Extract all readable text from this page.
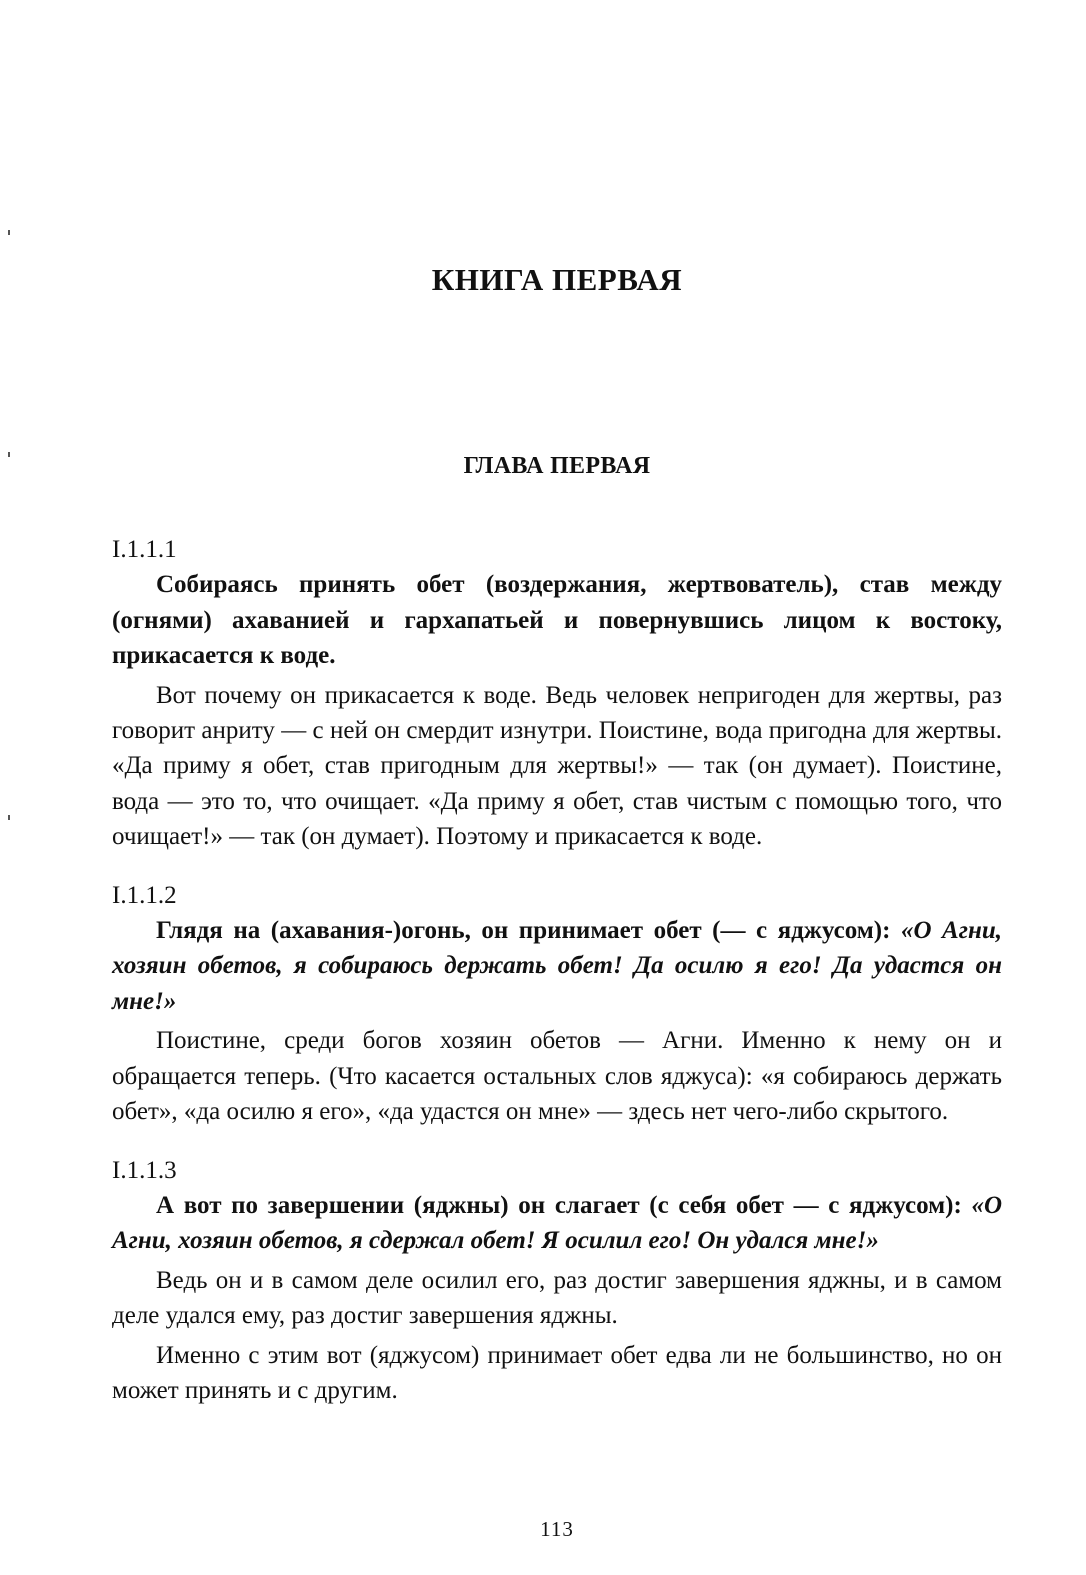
КНИГА ПЕРВАЯ
ГЛАВА ПЕРВАЯ

I.1.1.1

Собираясь принять обет (воздержания, жертвователь), став между (огнями) ахаванией и гархапатьей и повернувшись лицом к востоку, прикасается к воде.

Вот почему он прикасается к воде. Ведь человек непригоден для жертвы, раз говорит анриту — с ней он смердит изнутри. Поистине, вода пригодна для жертвы. «Да приму я обет, став пригодным для жертвы!» — так (он думает). Поистине, вода — это то, что очищает. «Да приму я обет, став чистым с помощью того, что очищает!» — так (он думает). Поэтому и прикасается к воде.

I.1.1.2

Глядя на (ахавания-)огонь, он принимает обет (— с яджусом): «О Агни, хозяин обетов, я собираюсь держать обет! Да осилю я его! Да удастся он мне!»

Поистине, среди богов хозяин обетов — Агни. Именно к нему он и обращается теперь. (Что касается остальных слов яджуса): «я собираюсь держать обет», «да осилю я его», «да удастся он мне» — здесь нет чего-либо скрытого.

I.1.1.3

А вот по завершении (яджны) он слагает (с себя обет — с яджусом): «О Агни, хозяин обетов, я сдержал обет! Я осилил его! Он удался мне!»

Ведь он и в самом деле осилил его, раз достиг завершения яджны, и в самом деле удался ему, раз достиг завершения яджны.

Именно с этим вот (яджусом) принимает обет едва ли не большинство, но он может принять и с другим.

113
